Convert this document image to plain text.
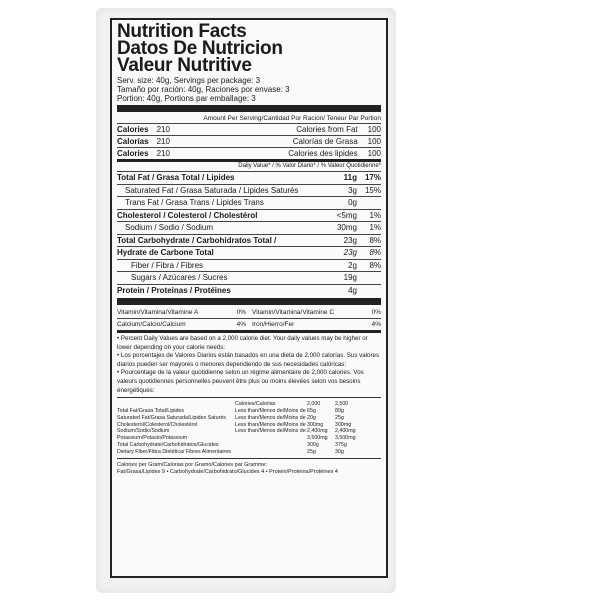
Nutrition Facts
Datos De Nutricion
Valeur Nutritive
Serv. size: 40g, Servings per package: 3
Tamaño por ración: 40g, Raciones por envase: 3
Portion: 40g, Portions par emballage: 3
Amount Per Serving/Cantidad Por Ración/ Teneur Par Portion
Calories 210	Calories from Fat 100
Calorías 210	Calorías de Grasa 100
Calories 210	Calories des lipides 100
Daily Value* / % Valor Diario* / % Valeur Quotidienne*
Total Fat / Grasa Total / Lipides	11g 17%
Saturated Fat / Grasa Saturada / Lipides Saturés	3g 15%
Trans Fat / Grasa Trans / Lipides Trans	0g
Cholesterol / Colesterol / Cholestérol	<5mg	1%
Sodium / Sodio / Sodium	30mg	1%
Total Carbohydrate / Carbohidratos Total /	23g	8%
Hydrate de Carbone Total	23g	8%
Fiber / Fibra / Fibres	2g	8%
Sugars / Azúcares / Sucres	19g
Protein / Proteinas / Protéines	4g
Vitamin/Vitamina/Vitamine A	0% Vitamin/Vitamina/Vitamine C	0%
Calcium/Calcio/Calcium	4% Iron/Hierro/Fer	4%
• Percent Daily Values are based on a 2,000 calorie diet. Your daily values may be higher or lower depending on your calorie needs:
• Los porcentajes de Valores Diarios están basados en una dieta de 2,000 calorías. Sus valores diarios pueden ser mayores o menores dependiendo de sus necesidades calóricas:
• Pourcentage de la valeur quotidienne selon un régime alimentaire de 2,000 calories. Vos valeurs quotidiennes personnelles peuvent être plus ou moins élevées selon vos besoins énergétiques:
Calories/Calorias	2,000	2,500
Total Fat/Grasa Total/Lipides	Less than/Menos de/Moins de 65g	80g
Saturated Fat/Grasa Saturada/Lipides Saturés	Less than/Menos de/Moins de 20g	25g
Cholesterol/Colesterol/Cholestérol	Less than/Menos de/Moins de 300mg	300mg
Sodium/Sodio/Sodium	Less than/Menos de/Moins de 2,400mg	2,400mg
Potassium/Potasio/Potassium	3,500mg	3,500mg
Total Carbohydrate/Carbohidratos/Glucides	300g	375g
Dietary Fiber/Fibra Dietética/ Fibres Alimentaires	25g	30g
Calories per Gram/Calorias por Gramo/Calories par Gramme:
Fat/Grasa/Lipides 9 • Carbohydrate/Carbohidrato/Glucides 4 • Protein/Proteina/Protéines 4
